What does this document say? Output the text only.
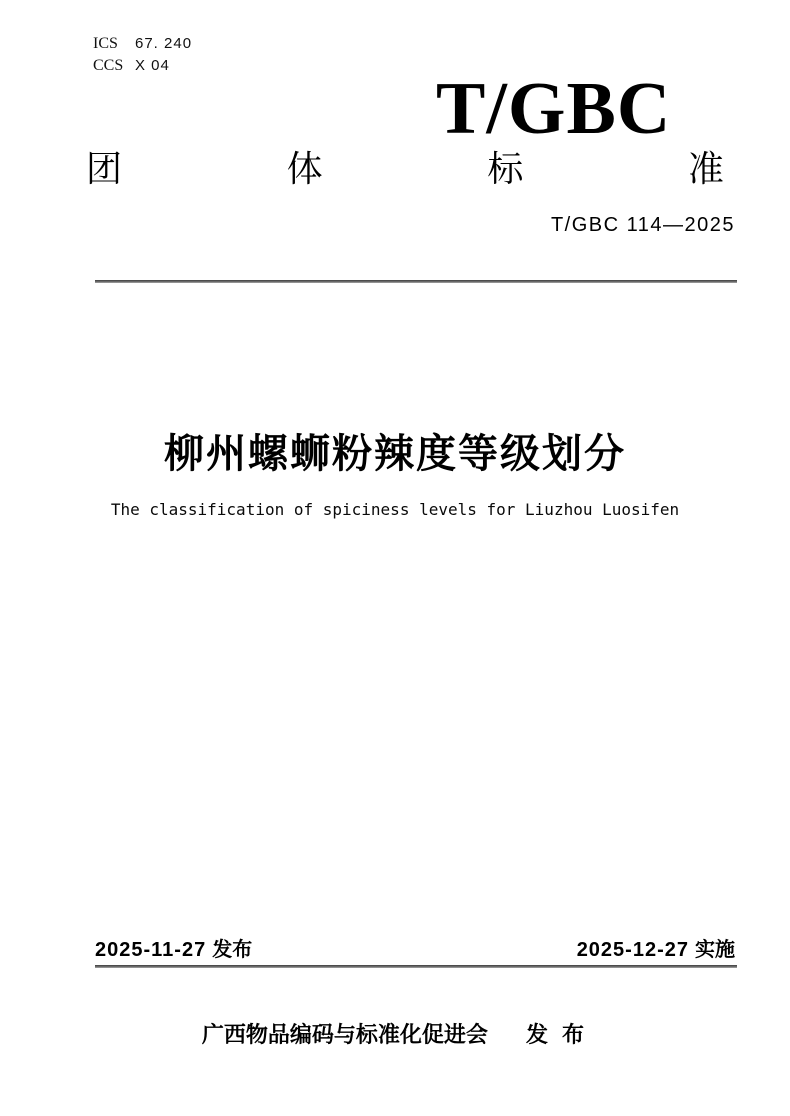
ICS 67. 240
CCS X 04
T/GBC
团	体	标	准
T/GBC 114—2025
柳州螺蛳粉辣度等级划分
The classification of spiciness levels for Liuzhou Luosifen
2025-11-27 发布	2025-12-27 实施
广西物品编码与标准化促进会 发 布
